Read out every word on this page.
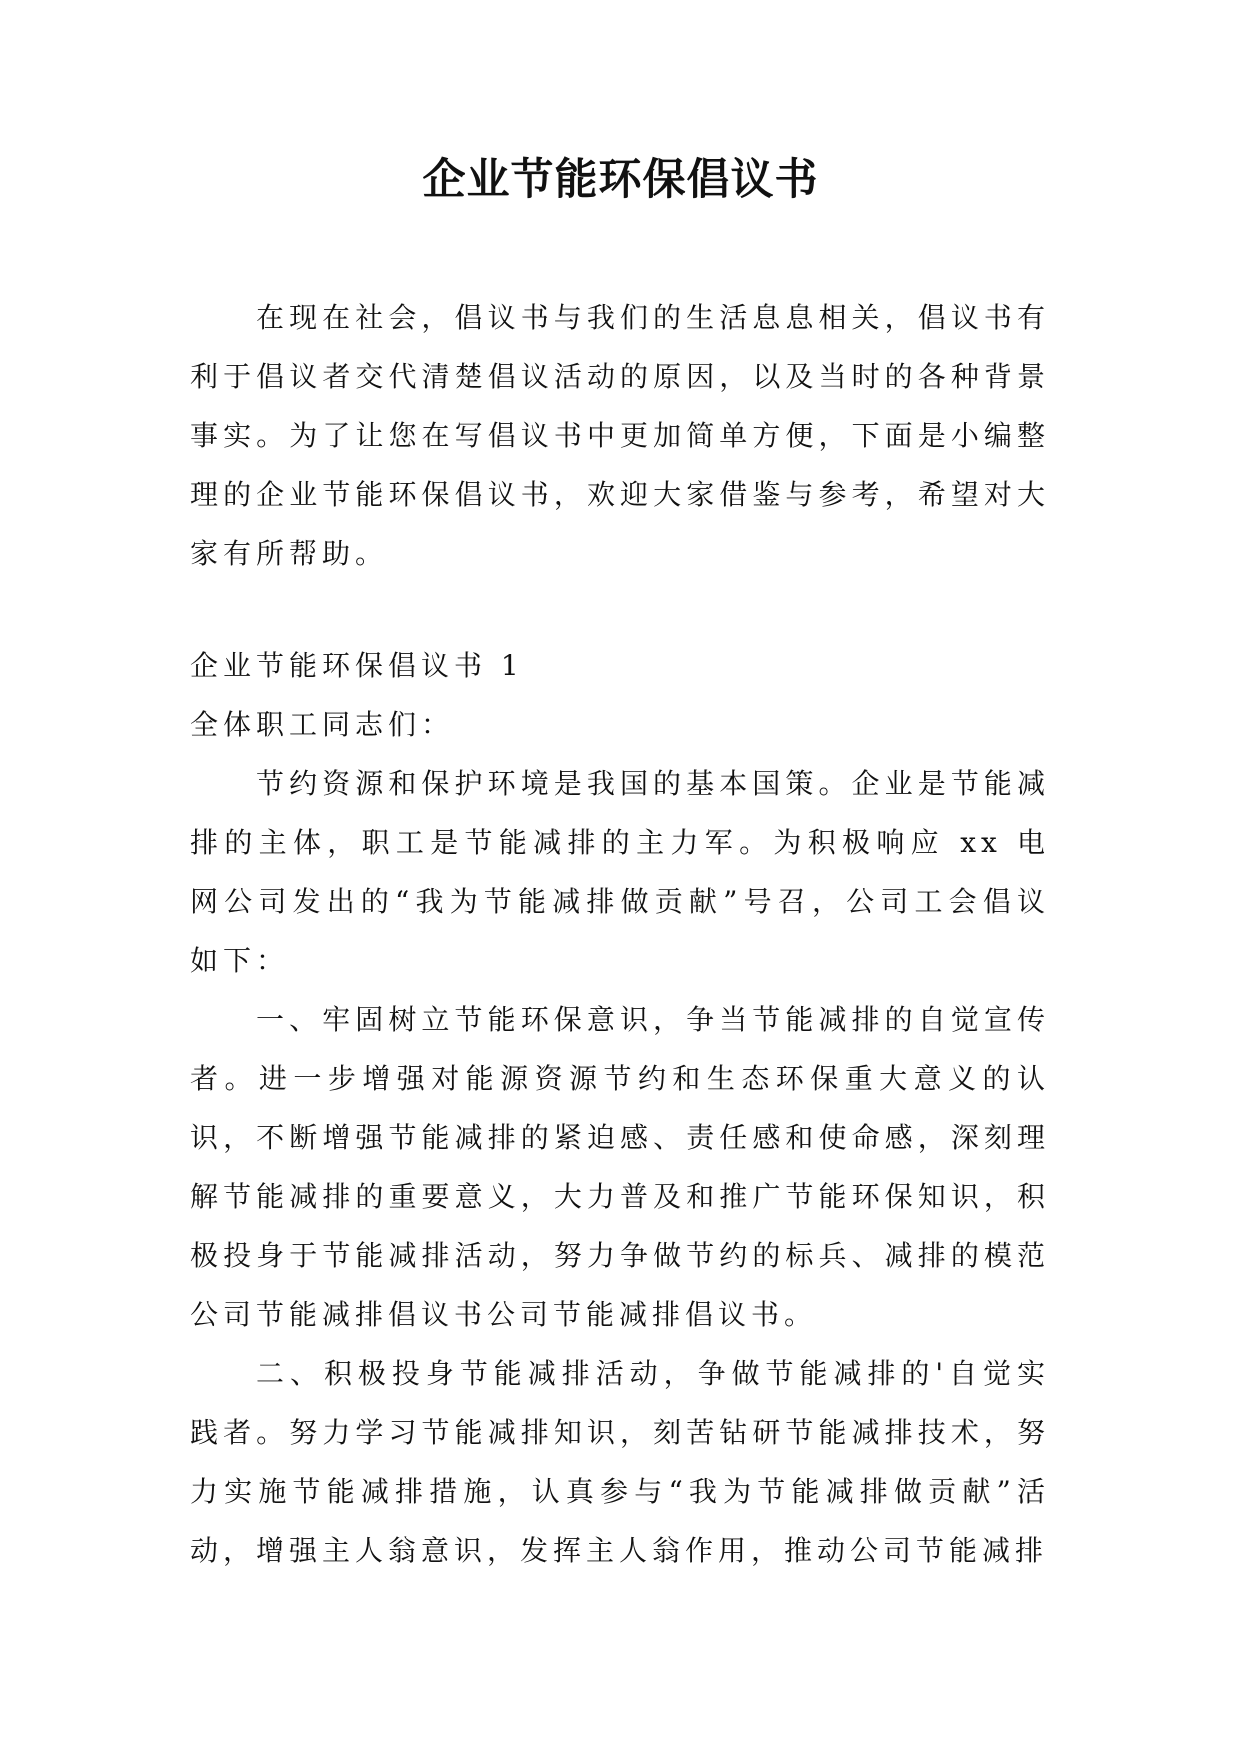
企业节能环保倡议书

在现在社会，倡议书与我们的生活息息相关，倡议书有利于倡议者交代清楚倡议活动的原因，以及当时的各种背景事实。为了让您在写倡议书中更加简单方便，下面是小编整理的企业节能环保倡议书，欢迎大家借鉴与参考，希望对大家有所帮助。

企业节能环保倡议书 1

全体职工同志们：

节约资源和保护环境是我国的基本国策。企业是节能减排的主体，职工是节能减排的主力军。为积极响应 xx 电网公司发出的“我为节能减排做贡献”号召，公司工会倡议如下：

一、牢固树立节能环保意识，争当节能减排的自觉宣传者。进一步增强对能源资源节约和生态环保重大意义的认识，不断增强节能减排的紧迫感、责任感和使命感，深刻理解节能减排的重要意义，大力普及和推广节能环保知识，积极投身于节能减排活动，努力争做节约的标兵、减排的模范公司节能减排倡议书公司节能减排倡议书。

二、积极投身节能减排活动，争做节能减排的'自觉实践者。努力学习节能减排知识，刻苦钻研节能减排技术，努力实施节能减排措施，认真参与“我为节能减排做贡献”活动，增强主人翁意识，发挥主人翁作用，推动公司节能减排
